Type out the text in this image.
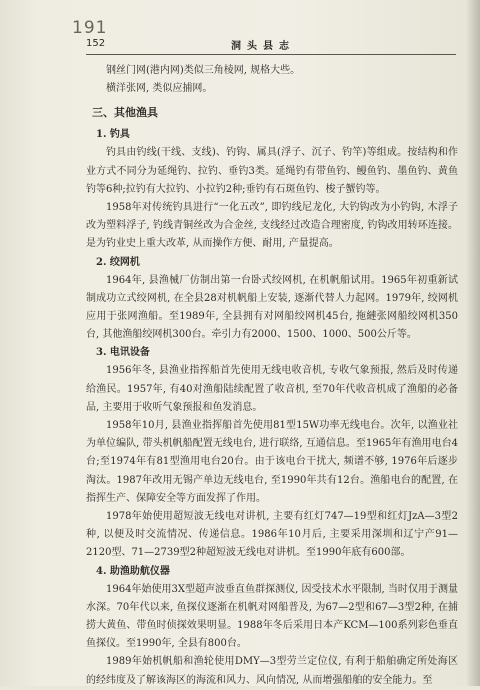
191
152	洞头县志

钢丝门网(港内网)类似三角棱网, 规格大些。

横洋张网, 类似应捕网。

三、其他渔具
1. 钓具

钓具由钓线(干线、支线)、钓钩、属具(浮子、沉子、钓竿)等组成。按结构和作业方式不同分为延绳钓、拉钓、垂钓3类。延绳钓有带鱼钓、鳗鱼钓、墨鱼钓、黄鱼钓等6种;拉钓有大拉钓、小拉钓2种;垂钓有石斑鱼钓、梭子蟹钓等。

1958年对传统钓具进行“一化五改”, 即钓线尼龙化, 大钓钩改为小钓钩, 木浮子改为塑料浮子, 钓线青铜丝改为合金丝, 支线经过改造合理密度, 钓钩改用转环连接。是为钓业史上重大改革, 从而操作方便、耐用, 产量提高。

2. 绞网机

1964年, 县渔械厂仿制出第一台卧式绞网机, 在机帆船试用。1965年初重新试制成功立式绞网机, 在全县28对机帆船上安装, 逐渐代替人力起网。1979年, 绞网机应用于张网渔船。至1989年, 全县拥有对网船绞网机45台, 拖縺张网船绞网机350台, 其他渔船绞网机300台。牵引力有2000、1500、1000、500公斤等。

3. 电讯设备

1956年冬, 县渔业指挥船首先使用无线电收音机, 专收气象预报, 然后及时传递给渔民。1957年, 有40对渔船陆续配置了收音机, 至70年代收音机成了渔船的必备品, 主要用于收听气象预报和鱼发消息。

1958年10月, 县渔业指挥船首先使用81型15W功率无线电台。次年, 以渔业社为单位编队, 带头机帆船配置无线电台, 进行联络, 互通信息。至1965年有渔用电台4台;至1974年有81型渔用电台20台。由于该电台干扰大, 频谱不够, 1976年后逐步淘汰。1987年改用无锡产单边无线电台, 至1990年共有12台。渔船电台的配置, 在指挥生产、保障安全等方面发挥了作用。

1978年始使用超短波无线电对讲机, 主要有红灯747—19型和红灯JzA—3型2种, 以便及时交流情况、传递信息。1986年10月后, 主要采用深圳和辽宁产91—2120型、71—2739型2种超短波无线电对讲机。至1990年底有600部。

4. 助渔助航仪器

1964年始使用3X型超声波垂直鱼群探测仪, 因受技术水平限制, 当时仅用于测量水深。70年代以来, 鱼探仪逐渐在机帆对网船普及, 为67—2型和67—3型2种, 在捕捞大黄鱼、带鱼时侦探效果明显。1988年冬后采用日本产KCM—100系列彩色垂直鱼探仪。至1990年, 全县有800台。

1989年始机帆船和渔轮使用DMY—3型劳兰定位仪, 有利于船舶确定所处海区的经纬度及了解该海区的海流和风力、风向情况, 从而增强船舶的安全能力。至
